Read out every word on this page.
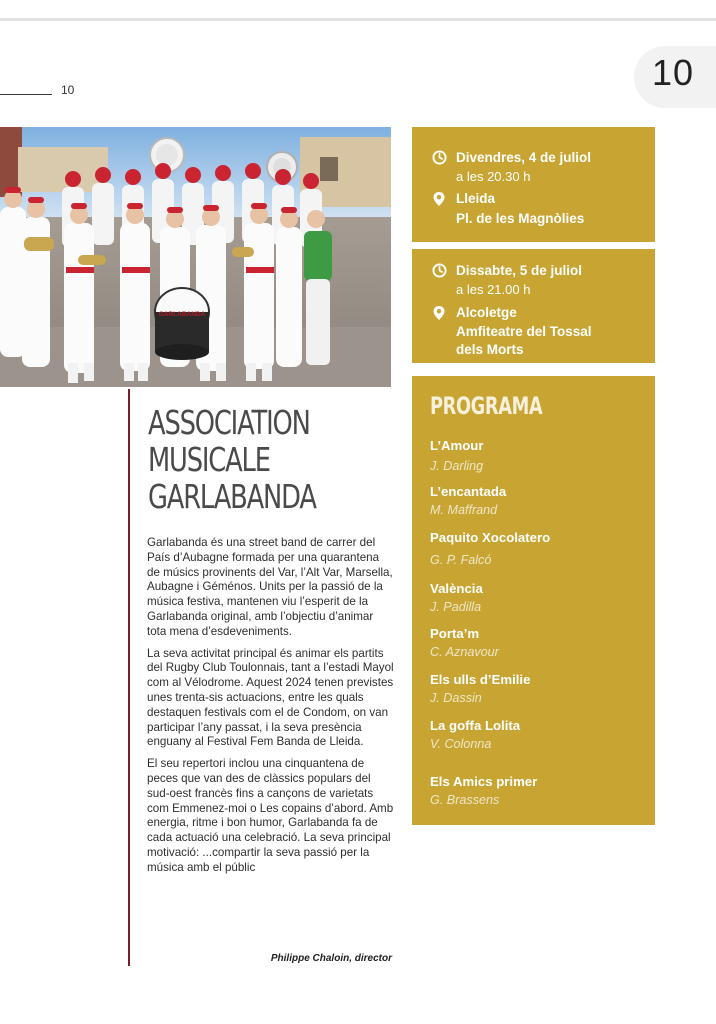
10	10
GARLABANDA
ASSOCIATION
MUSICALE
GARLABANDA

Garlabanda és una street band de carrer del País d’Aubagne formada per una quarantena de músics provinents del Var, l’Alt Var, Marsella, Aubagne i Géménos. Units per la passió de la música festiva, mantenen viu l’esperit de la Garlabanda original, amb l’objectiu d’animar tota mena d’esdeveniments.

La seva activitat principal és animar els partits del Rugby Club Toulonnais, tant a l’estadi Mayol com al Vélodrome. Aquest 2024 tenen previstes unes trenta-sis actuacions, entre les quals destaquen festivals com el de Condom, on van participar l’any passat, i la seva presència enguany al Festival Fem Banda de Lleida.

El seu repertori inclou una cinquantena de peces que van des de clàssics populars del sud-oest francès fins a cançons de varietats com Emmenez-moi o Les copains d’abord. Amb energia, ritme i bon humor, Garlabanda fa de cada actuació una celebració. La seva principal motivació: ...compartir la seva passió per la música amb el públic

Philippe Chaloin, director
Divendres, 4 de juliol
a les 20.30 h
Lleida
Pl. de les Magnòlies
Dissabte, 5 de juliol
a les 21.00 h
Alcoletge
Amfiteatre del Tossal
dels Morts
PROGRAMA
L’Amour
J. Darling
L’encantada
M. Maffrand
Paquito Xocolatero
G. P. Falcó
València
J. Padilla
Porta’m
C. Aznavour
Els ulls d’Emilie
J. Dassin
La goffa Lolita
V. Colonna
Els Amics primer
G. Brassens
